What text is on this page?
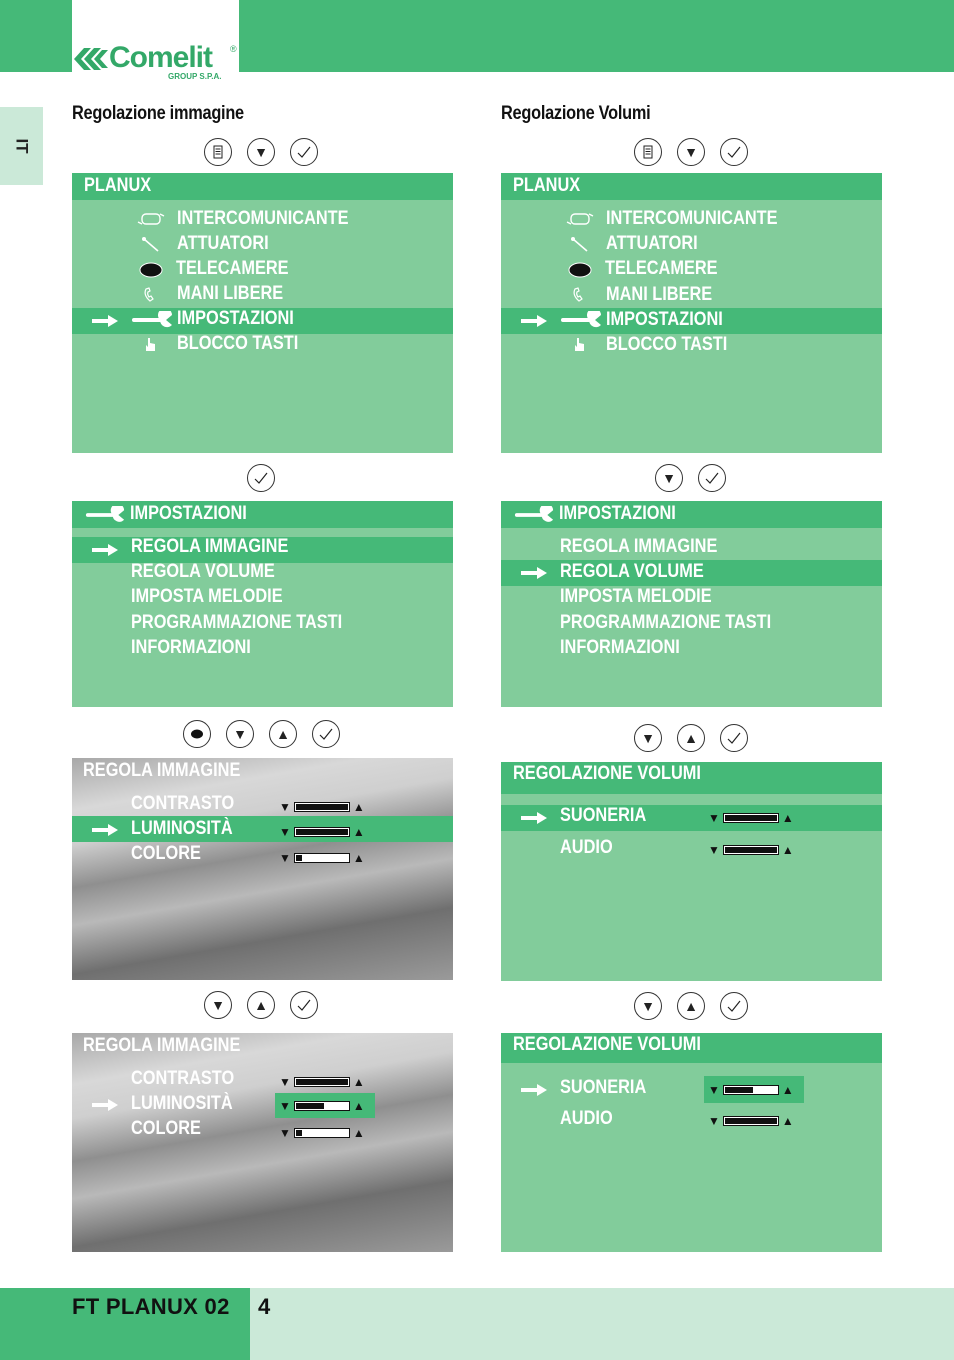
Comelit ®
GROUP S.P.A.
IT
Regolazione immagine	Regolazione Volumi
▼
PLANUX
INTERCOMUNICANTE
ATTUATORI
TELECAMERE
MANI LIBERE
IMPOSTAZIONI
BLOCCO TASTI
IMPOSTAZIONI
REGOLA IMMAGINE
REGOLA VOLUME
IMPOSTA MELODIE
PROGRAMMAZIONE TASTI
INFORMAZIONI
▼ ▲
REGOLA IMMAGINE
CONTRASTO
LUMINOSITÀ
COLORE
▼	▲
▼	▲
▼	▲
▼ ▲
REGOLA IMMAGINE
CONTRASTO
LUMINOSITÀ
COLORE
▼	▲
▼	▲
▼	▲
▼
PLANUX
INTERCOMUNICANTE
ATTUATORI
TELECAMERE
MANI LIBERE
IMPOSTAZIONI
BLOCCO TASTI
▼
IMPOSTAZIONI
REGOLA IMMAGINE
REGOLA VOLUME
IMPOSTA MELODIE
PROGRAMMAZIONE TASTI
INFORMAZIONI
▼ ▲
REGOLAZIONE VOLUMI
SUONERIA
AUDIO
▼	▲
▼	▲
▼ ▲
REGOLAZIONE VOLUMI
SUONERIA
AUDIO
▼	▲
▼	▲
FT PLANUX 02 4
